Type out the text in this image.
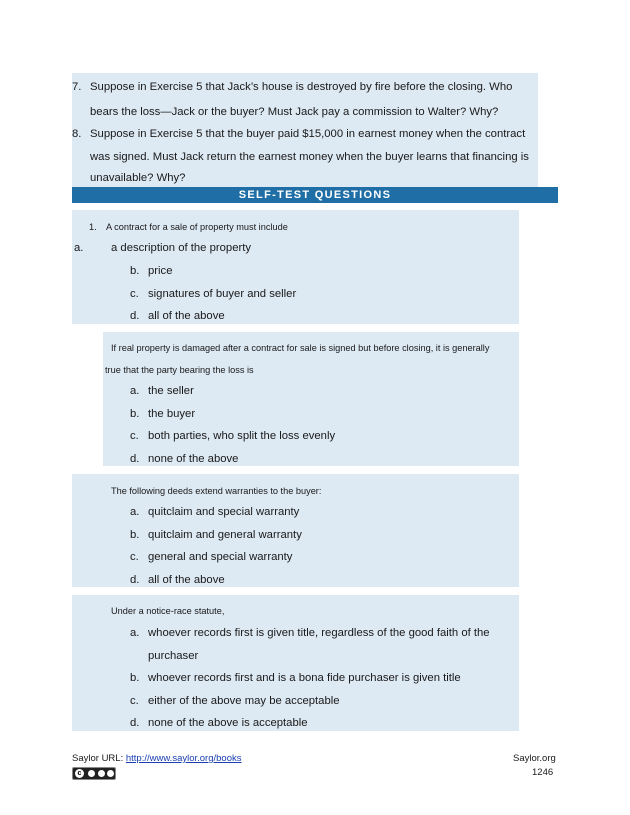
7. Suppose in Exercise 5 that Jack’s house is destroyed by fire before the closing. Who
bears the loss—Jack or the buyer? Must Jack pay a commission to Walter? Why?
8. Suppose in Exercise 5 that the buyer paid $15,000 in earnest money when the contract
was signed. Must Jack return the earnest money when the buyer learns that financing is
unavailable? Why?
SELF-TEST QUESTIONS
1. A contract for a sale of property must include
a. a description of the property
b. price
c. signatures of buyer and seller
d. all of the above
If real property is damaged after a contract for sale is signed but before closing, it is generally
true that the party bearing the loss is
a. the seller
b. the buyer
c. both parties, who split the loss evenly
d. none of the above
The following deeds extend warranties to the buyer:
a. quitclaim and special warranty
b. quitclaim and general warranty
c. general and special warranty
d. all of the above
Under a notice-race statute,
a. whoever records first is given title, regardless of the good faith of the
purchaser
b. whoever records first and is a bona fide purchaser is given title
c. either of the above may be acceptable
d. none of the above is acceptable
Saylor URL: http://www.saylor.org/books
c
Saylor.org
1246
